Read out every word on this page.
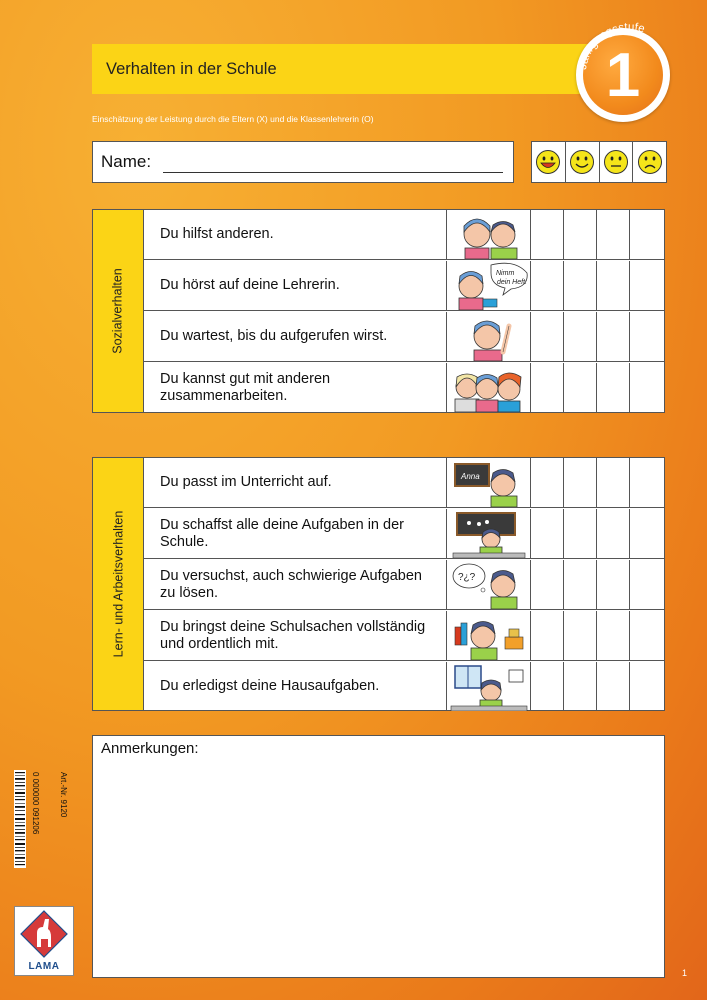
Verhalten in der Schule	1
Jahrgangsstufe
Einschätzung der Leistung durch die Eltern (X) und die Klassenlehrerin (O)
Name:
Sozialverhalten
Du hilfst anderen.
Du hörst auf deine Lehrerin.
Nimm
dein Heft.
Du wartest, bis du aufgerufen wirst.
Du kannst gut mit anderen zusammenarbeiten.
Lern- und Arbeitsverhalten
Du passt im Unterricht auf.	Anna
Du schaffst alle deine Aufgaben in der Schule.
Du versuchst, auch schwierige Aufgaben zu lösen.
?¿?
Du bringst deine Schulsachen vollständig und ordentlich mit.
Du erledigst deine Hausaufgaben.
Anmerkungen:
0 000000 091206 Art.-Nr. 9120
LAMA
1
